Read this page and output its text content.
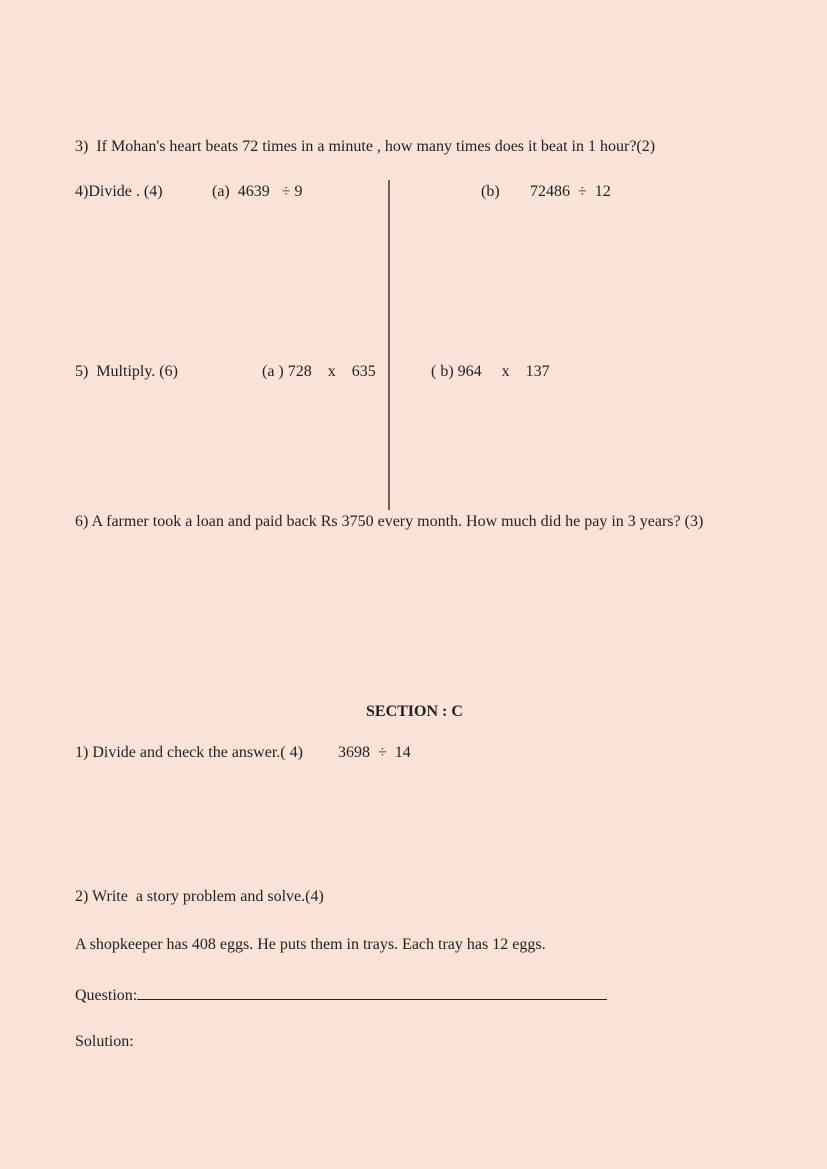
3)  If Mohan's heart beats 72 times in a minute , how many times does it beat in 1 hour?(2)
4)Divide . (4)	(a)  4639   ÷ 9	(b) 72486  ÷  12
5)  Multiply. (6)	(a ) 728    x    635	( b) 964     x    137
6) A farmer took a loan and paid back Rs 3750 every month. How much did he pay in 3 years? (3)
SECTION : C
1) Divide and check the answer.( 4) 3698  ÷  14
2) Write  a story problem and solve.(4)
A shopkeeper has 408 eggs. He puts them in trays. Each tray has 12 eggs.
Question:
Solution:
